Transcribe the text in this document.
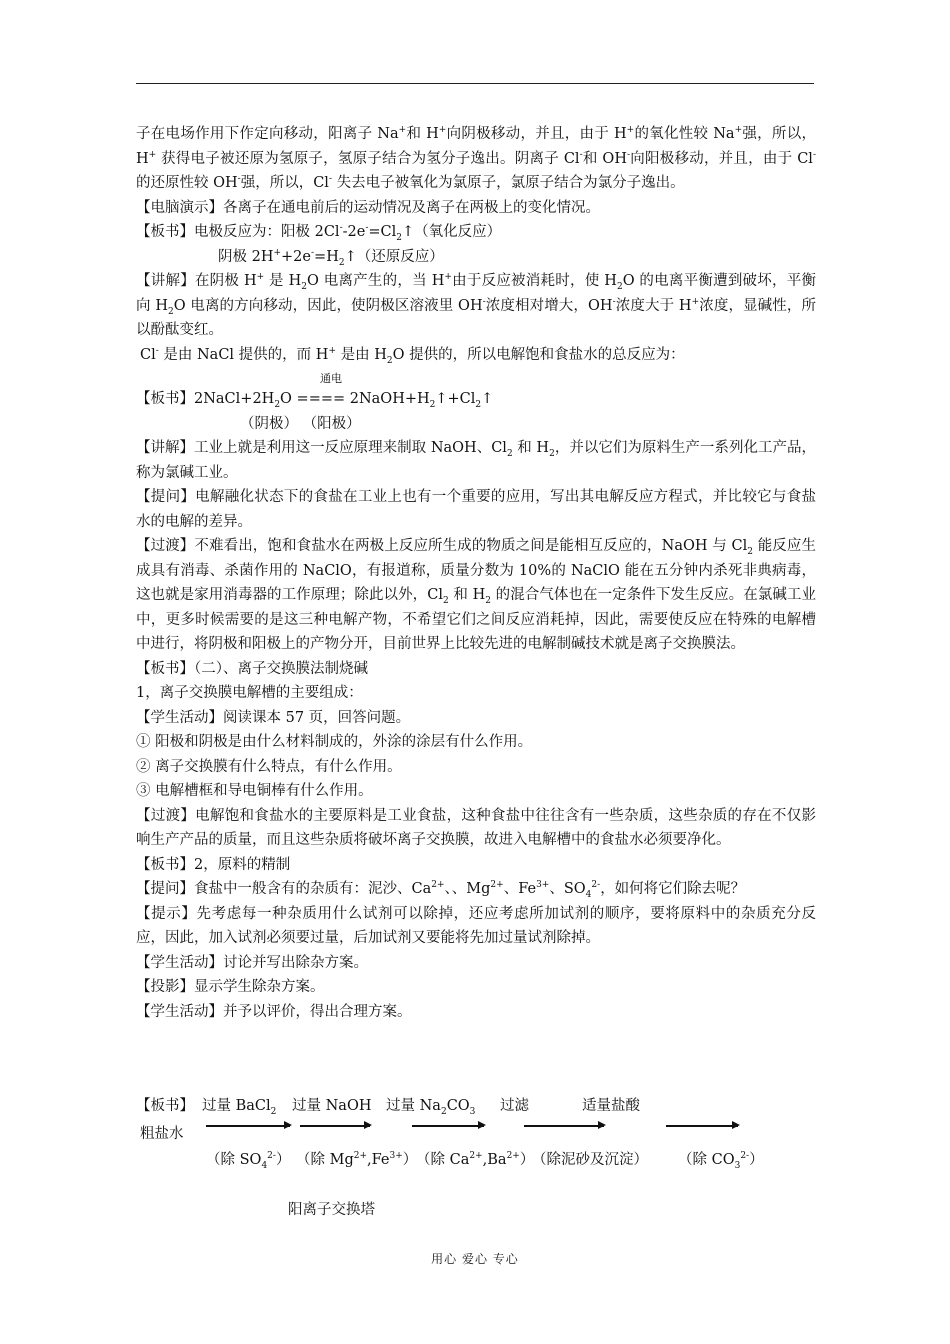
子在电场作用下作定向移动，阳离子 Na+和 H+向阴极移动，并且，由于 H+的氧化性较 Na+强，所以，H+ 获得电子被还原为氢原子，氢原子结合为氢分子逸出。阴离子 Cl-和 OH-向阳极移动，并且，由于 Cl-的还原性较 OH-强，所以，Cl- 失去电子被氧化为氯原子，氯原子结合为氯分子逸出。

【电脑演示】各离子在通电前后的运动情况及离子在两极上的变化情况。

【板书】电极反应为：阳极 $2Cl^--2e^-=Cl_2↑$（氧化反应）

阴极 $2H^++2e^-=H_2↑$（还原反应）

【讲解】在阴极 H+ 是 $H_2O$ 电离产生的，当 H+由于反应被消耗时，使 $H_2O$ 的电离平衡遭到破坏，平衡向 $H_2O$ 电离的方向移动，因此，使阴极区溶液里 OH-浓度相对增大，OH-浓度大于 H+浓度，显碱性，所以酚酞变红。

Cl- 是由 NaCl 提供的，而 H+ 是由 $H_2O$ 提供的，所以电解饱和食盐水的总反应为：

通电

【板书】$2NaCl+2H_2O$ ==== $2NaOH+H_2↑+Cl_2↑$

（阴极） （阳极）

【讲解】工业上就是利用这一反应原理来制取 NaOH、$Cl_2$ 和 $H_2$，并以它们为原料生产一系列化工产品，称为氯碱工业。

【提问】电解融化状态下的食盐在工业上也有一个重要的应用，写出其电解反应方程式，并比较它与食盐水的电解的差异。

【过渡】不难看出，饱和食盐水在两极上反应所生成的物质之间是能相互反应的，NaOH 与 $Cl_2$ 能反应生成具有消毒、杀菌作用的 NaClO，有报道称，质量分数为 10%的 NaClO 能在五分钟内杀死非典病毒，这也就是家用消毒器的工作原理；除此以外，$Cl_2$ 和 $H_2$ 的混合气体也在一定条件下发生反应。在氯碱工业中，更多时候需要的是这三种电解产物，不希望它们之间反应消耗掉，因此，需要使反应在特殊的电解槽中进行，将阴极和阳极上的产物分开，目前世界上比较先进的电解制碱技术就是离子交换膜法。

【板书】（二）、离子交换膜法制烧碱

1，离子交换膜电解槽的主要组成：

【学生活动】阅读课本 57 页，回答问题。

① 阳极和阴极是由什么材料制成的，外涂的涂层有什么作用。

② 离子交换膜有什么特点，有什么作用。

③ 电解槽框和导电铜棒有什么作用。

【过渡】电解饱和食盐水的主要原料是工业食盐，这种食盐中往往含有一些杂质，这些杂质的存在不仅影响生产产品的质量，而且这些杂质将破坏离子交换膜，故进入电解槽中的食盐水必须要净化。

【板书】2，原料的精制

【提问】食盐中一般含有的杂质有：泥沙、$Ca^{2+}$、、$Mg^{2+}$、$Fe^{3+}$、$SO_4^{2-}$，如何将它们除去呢？

【提示】先考虑每一种杂质用什么试剂可以除掉，还应考虑所加试剂的顺序，要将原料中的杂质充分反应，因此，加入试剂必须要过量，后加试剂又要能将先加过量试剂除掉。

【学生活动】讨论并写出除杂方案。

【投影】显示学生除杂方案。

【学生活动】并予以评价，得出合理方案。

【板书】
粗盐水
过量 BaCl$_2$ 过量 NaOH 过量 $Na_2CO_3$ 过滤	适量盐酸
（除 $SO_4^{2-}$） （除 $Mg^{2+},Fe^{3+}$）
（除 $Ca^{2+},Ba^{2+}$）
（除泥砂及沉淀） （除 $CO_3^{2-}$）
阳离子交换塔
用心 爱心 专心
